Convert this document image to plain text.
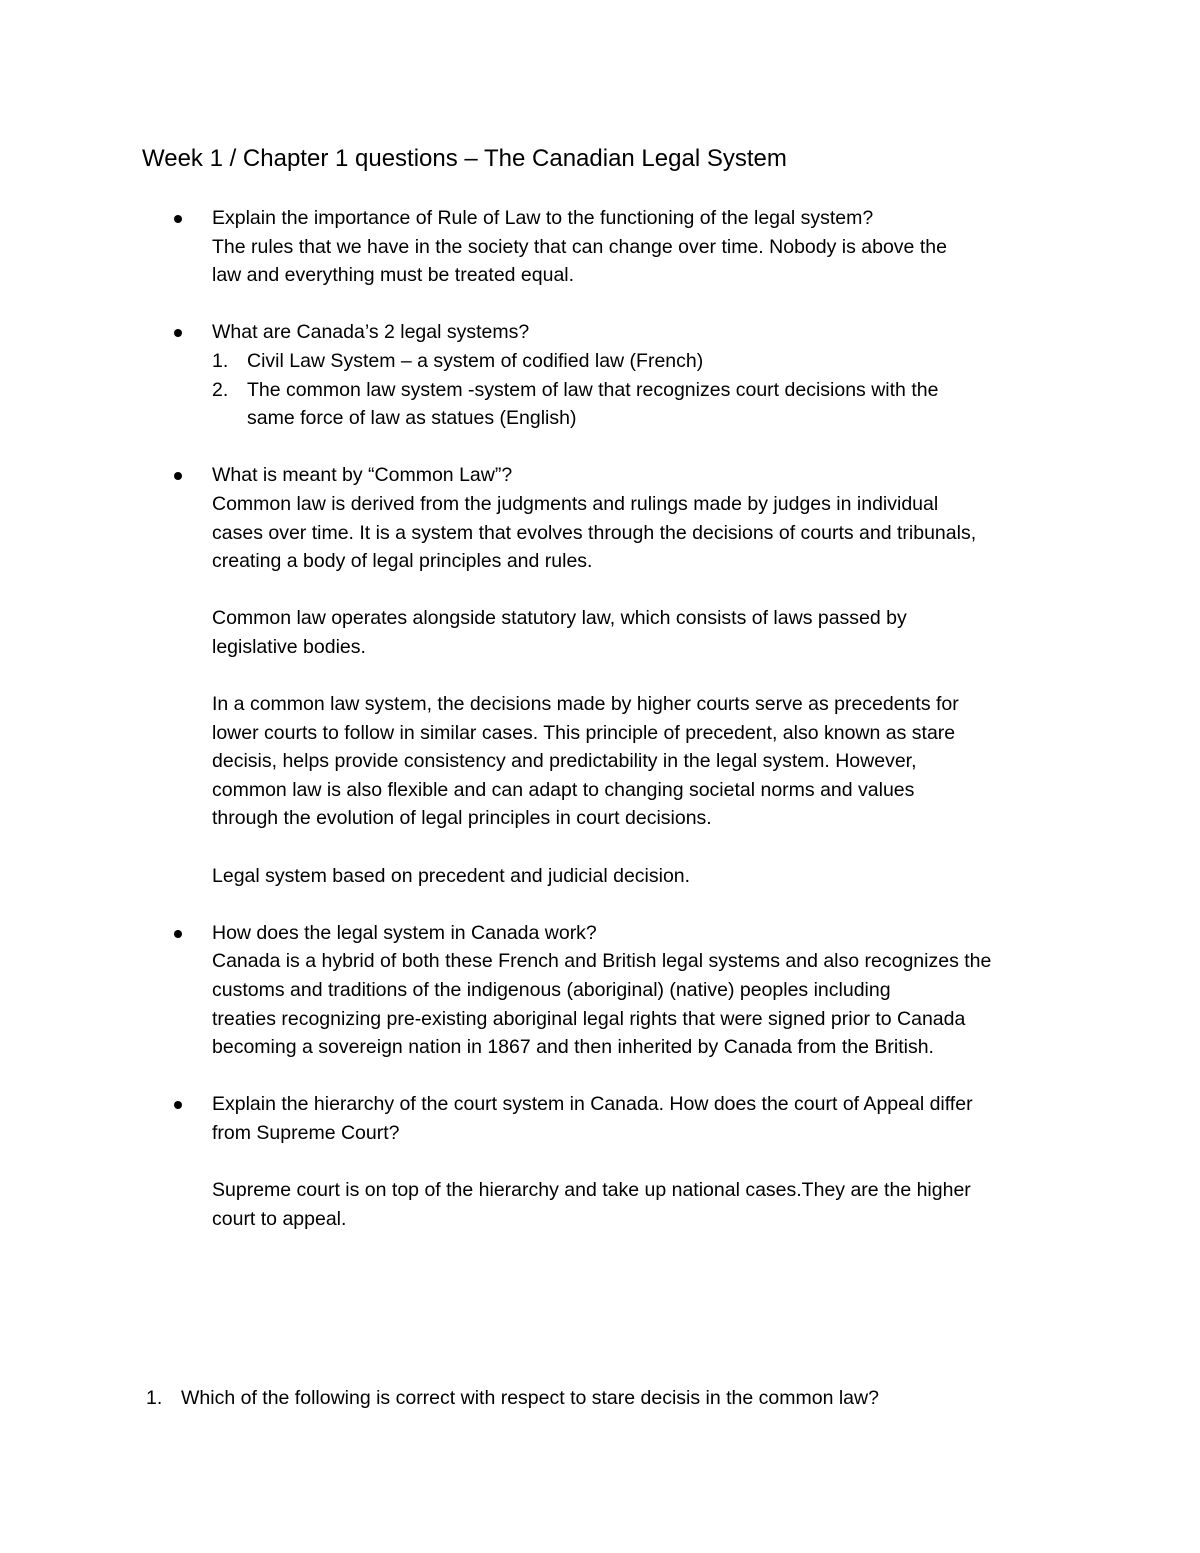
Week 1 / Chapter 1 questions – The Canadian Legal System
Explain the importance of Rule of Law to the functioning of the legal system?
The rules that we have in the society that can change over time. Nobody is above the
law and everything must be treated equal.
What are Canada’s 2 legal systems?
1. Civil Law System – a system of codified law (French)
2. The common law system -system of law that recognizes court decisions with the
same force of law as statues (English)
What is meant by “Common Law”?
Common law is derived from the judgments and rulings made by judges in individual
cases over time. It is a system that evolves through the decisions of courts and tribunals,
creating a body of legal principles and rules.
Common law operates alongside statutory law, which consists of laws passed by
legislative bodies.
In a common law system, the decisions made by higher courts serve as precedents for
lower courts to follow in similar cases. This principle of precedent, also known as stare
decisis, helps provide consistency and predictability in the legal system. However,
common law is also flexible and can adapt to changing societal norms and values
through the evolution of legal principles in court decisions.
Legal system based on precedent and judicial decision.
How does the legal system in Canada work?
Canada is a hybrid of both these French and British legal systems and also recognizes the
customs and traditions of the indigenous (aboriginal) (native) peoples including
treaties recognizing pre-existing aboriginal legal rights that were signed prior to Canada
becoming a sovereign nation in 1867 and then inherited by Canada from the British.
Explain the hierarchy of the court system in Canada. How does the court of Appeal differ
from Supreme Court?
Supreme court is on top of the hierarchy and take up national cases.They are the higher
court to appeal.
1. Which of the following is correct with respect to stare decisis in the common law?
